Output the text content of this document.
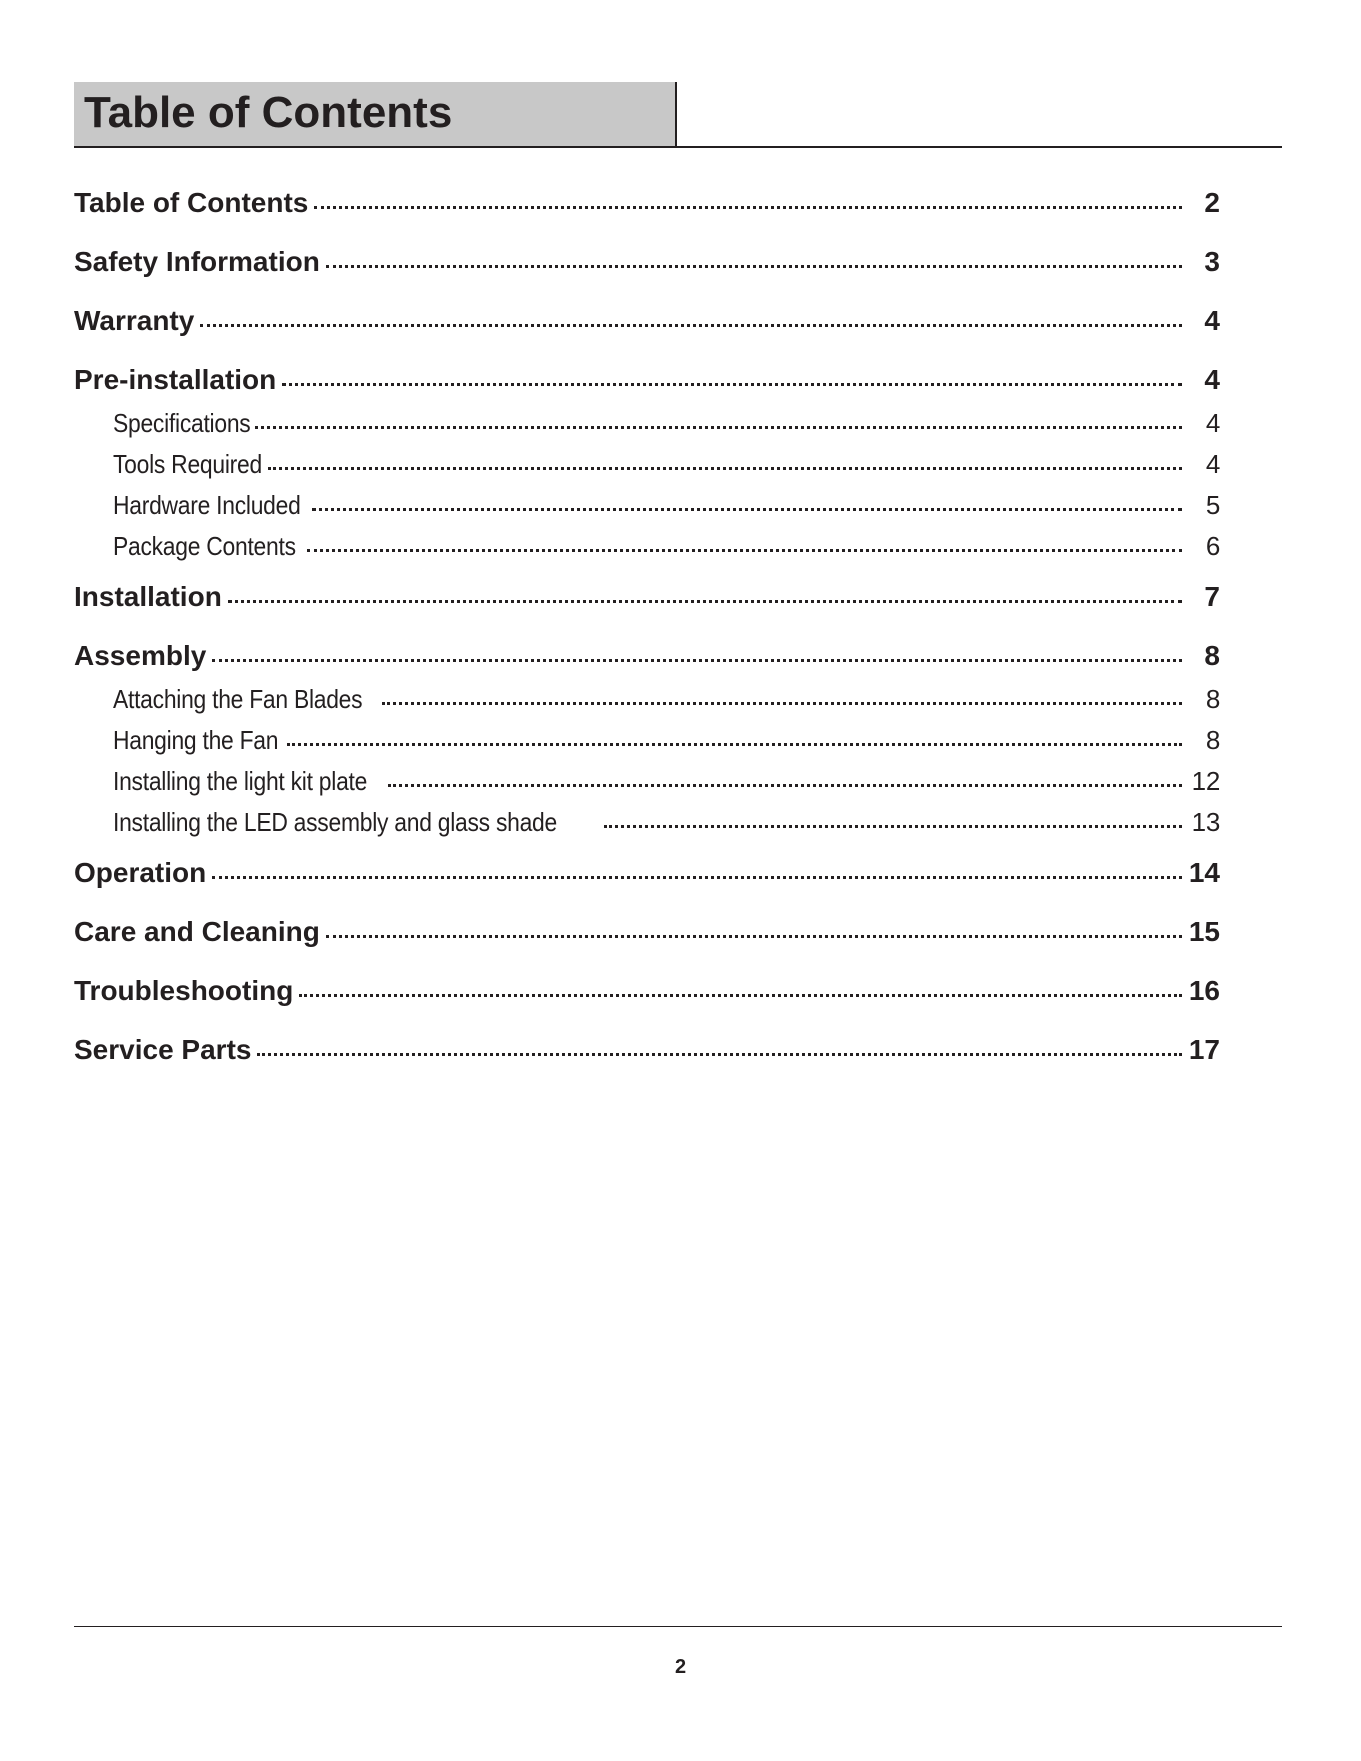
Table of Contents
Table of Contents	2
Safety Information	3
Warranty	4
Pre-installation	4
Specifications	4
Tools Required	4
Hardware Included	5
Package Contents	6
Installation	7
Assembly	8
Attaching the Fan Blades	8
Hanging the Fan	8
Installing the light kit plate	12
Installing the LED assembly and glass shade	13
Operation	14
Care and Cleaning	15
Troubleshooting	16
Service Parts	17
2
